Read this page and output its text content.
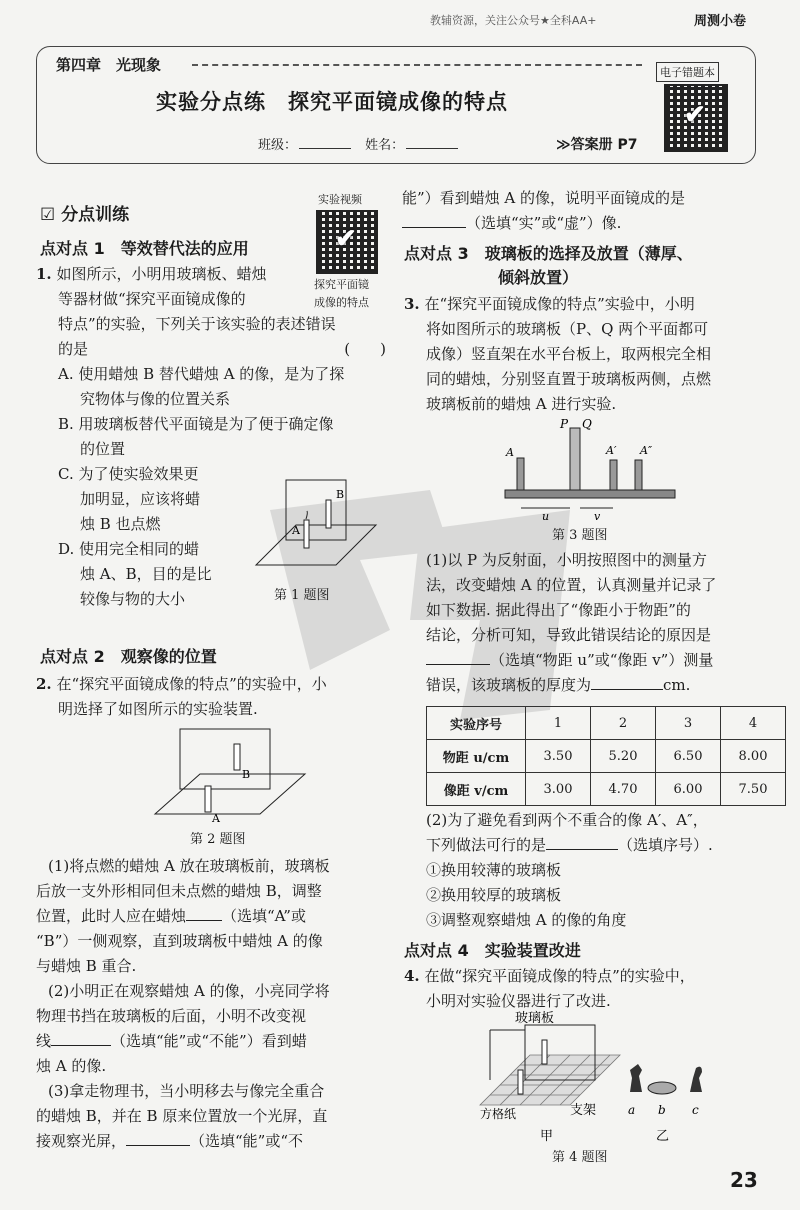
教辅资源，关注公众号★全科AA+	周测小卷
第四章　光现象
实验分点练　探究平面镜成像的特点
班级：	姓名：	≫答案册 P7
电子错题本
✔
☑ 分点训练
实验视频
✔
探究平面镜
成像的特点
点对点 1　等效替代法的应用
1. 如图所示，小明用玻璃板、蜡烛
等器材做“探究平面镜成像的
特点”的实验，下列关于该实验的表述错误
的是	(　　)
A. 使用蜡烛 B 替代蜡烛 A 的像，是为了探
究物体与像的位置关系
B. 用玻璃板替代平面镜是为了便于确定像
的位置
C. 为了使实验效果更
加明显，应该将蜡
烛 B 也点燃
D. 使用完全相同的蜡
烛 A、B，目的是比
较像与物的大小
A
B
第 1 题图
点对点 2　观察像的位置
2. 在“探究平面镜成像的特点”的实验中，小
明选择了如图所示的实验装置.
A
B
第 2 题图
(1)将点燃的蜡烛 A 放在玻璃板前，玻璃板
后放一支外形相同但未点燃的蜡烛 B，调整
位置，此时人应在蜡烛 （选填“A”或
“B”）一侧观察，直到玻璃板中蜡烛 A 的像
与蜡烛 B 重合.
(2)小明正在观察蜡烛 A 的像，小亮同学将
物理书挡在玻璃板的后面，小明不改变视
线	（选填“能”或“不能”）看到蜡
烛 A 的像.
(3)拿走物理书，当小明移去与像完全重合
的蜡烛 B，并在 B 原来位置放一个光屏，直
接观察光屏，	（选填“能”或“不
能”）看到蜡烛 A 的像，说明平面镜成的是
（选填“实”或“虚”）像.
点对点 3　玻璃板的选择及放置（薄厚、
倾斜放置）
3. 在“探究平面镜成像的特点”实验中，小明
将如图所示的玻璃板（P、Q 两个平面都可
成像）竖直架在水平台板上，取两根完全相
同的蜡烛，分别竖直置于玻璃板两侧，点燃
玻璃板前的蜡烛 A 进行实验.
P Q
A	A′ A″
u	v
第 3 题图
(1)以 P 为反射面，小明按照图中的测量方
法，改变蜡烛 A 的位置，认真测量并记录了
如下数据. 据此得出了“像距小于物距”的
结论，分析可知，导致此错误结论的原因是
（选填“物距 u”或“像距 v”）测量
错误，该玻璃板的厚度为	cm.
实验序号	1	2	3	4
物距 u/cm	3.50	5.20	6.50	8.00
像距 v/cm	3.00	4.70	6.00	7.50
(2)为了避免看到两个不重合的像 A′、A″，
下列做法可行的是	（选填序号）.
①换用较薄的玻璃板
②换用较厚的玻璃板
③调整观察蜡烛 A 的像的角度
点对点 4　实验装置改进
4. 在做“探究平面镜成像的特点”的实验中，
小明对实验仪器进行了改进.
玻璃板
方格纸	支架
甲
a b c
乙
第 4 题图
23
